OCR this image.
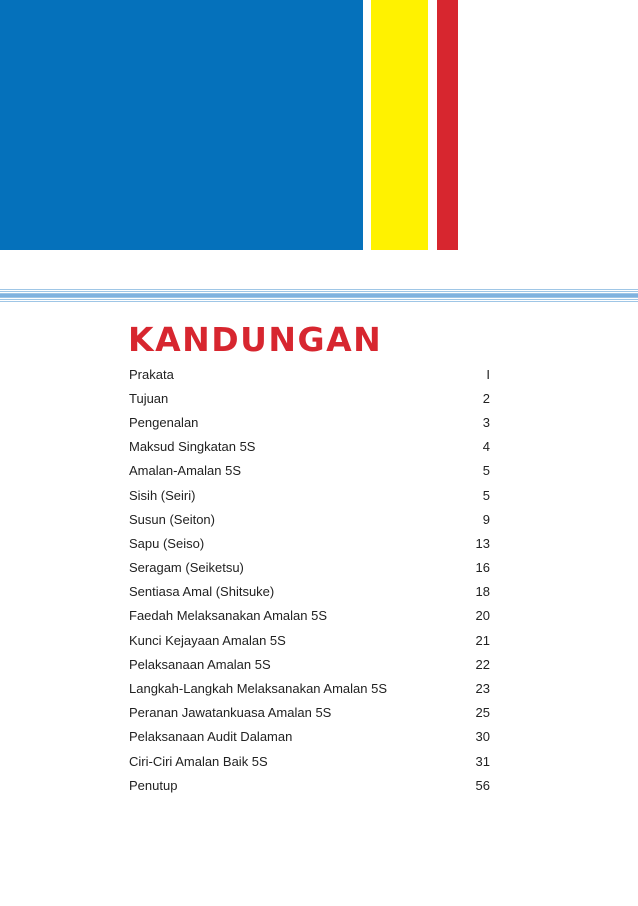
KANDUNGAN
Prakata	I
Tujuan	2
Pengenalan	3
Maksud Singkatan 5S	4
Amalan-Amalan 5S	5
Sisih (Seiri)	5
Susun (Seiton)	9
Sapu (Seiso)	13
Seragam (Seiketsu)	16
Sentiasa Amal (Shitsuke)	18
Faedah Melaksanakan Amalan 5S	20
Kunci Kejayaan Amalan 5S	21
Pelaksanaan Amalan 5S	22
Langkah-Langkah Melaksanakan Amalan 5S	23
Peranan Jawatankuasa Amalan 5S	25
Pelaksanaan Audit Dalaman	30
Ciri-Ciri Amalan Baik 5S	31
Penutup	56
